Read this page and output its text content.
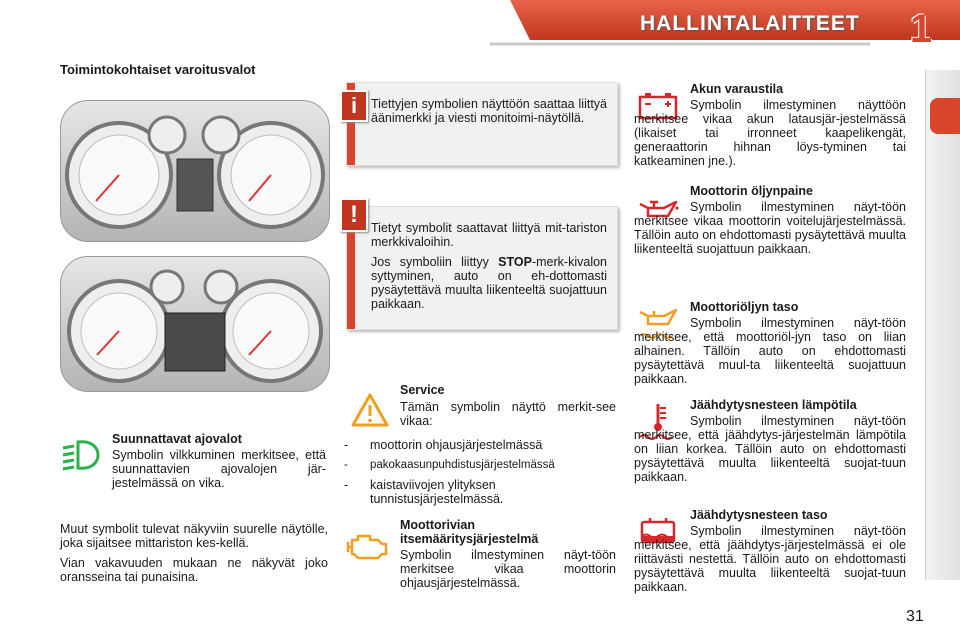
HALLINTALAITTEET	1
Toimintokohtaiset varoitusvalot
Suunnattavat ajovalot
Symbolin vilkkuminen merkitsee, että suunnattavien ajovalojen jär-jestelmässä on vika.

Muut symbolit tulevat näkyviin suurelle näytölle, joka sijaitsee mittariston kes-kellä.

Vian vakavuuden mukaan ne näkyvät joko oransseina tai punaisina.

Tiettyjen symbolien näyttöön saattaa liittyä äänimerkki ja viesti monitoimi-näytöllä.
i

Tietyt symbolit saattavat liittyä mit-tariston merkkivaloihin.

Jos symboliin liittyy STOP-merk-kivalon syttyminen, auto on eh-dottomasti pysäytettävä muulta liikenteeltä suojattuun paikkaan.

!
Service
Tämän symbolin näyttö merkit-see vikaa:
- moottorin ohjausjärjestelmässä
- pakokaasunpuhdistusjärjestelmässä
- kaistaviivojen ylityksen tunnistusjärjestelmässä.
Moottorivian itsemääritysjärjestelmä
Symbolin ilmestyminen näyt-töön merkitsee vikaa moottorin ohjausjärjestelmässä.
Akun varaustila
Symbolin ilmestyminen näyttöön merkitsee vikaa akun latausjär-jestelmässä (likaiset tai irronneet kaapelikengät, generaattorin hihnan löys-tyminen tai katkeaminen jne.).
Moottorin öljynpaine
Symbolin ilmestyminen näyt-töön merkitsee vikaa moottorin voitelujärjestelmässä. Tällöin auto on ehdottomasti pysäytettävä muulta liikenteeltä suojattuun paikkaan.
Moottoriöljyn taso
Symbolin ilmestyminen näyt-töön merkitsee, että moottoriöl-jyn taso on liian alhainen. Tällöin auto on ehdottomasti pysäytettävä muul-ta liikenteeltä suojattuun paikkaan.
Jäähdytysnesteen lämpötila
Symbolin ilmestyminen näyt-töön merkitsee, että jäähdytys-järjestelmän lämpötila on liian korkea. Tällöin auto on ehdottomasti pysäytettävä muulta liikenteeltä suojat-tuun paikkaan.
Jäähdytysnesteen taso
Symbolin ilmestyminen näyt-töön merkitsee, että jäähdytys-järjestelmässä ei ole riittävästi nestettä. Tällöin auto on ehdottomasti pysäytettävä muulta liikenteeltä suojat-tuun paikkaan.
31
